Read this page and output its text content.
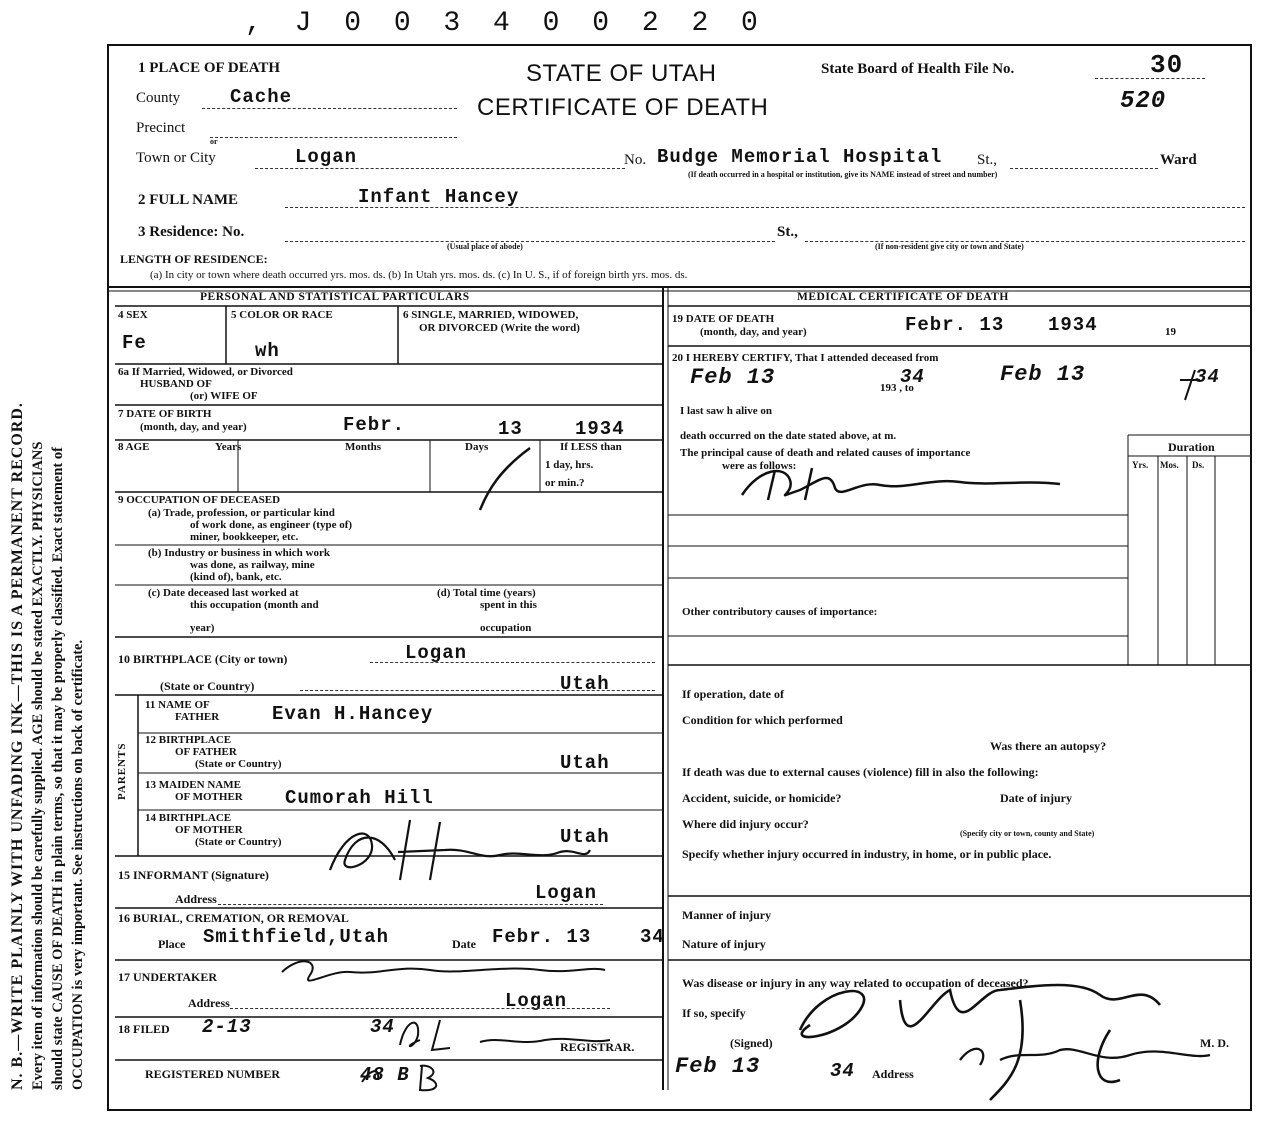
, J 0 0 3 4 0 0 2 2 0
N. B.—WRITE PLAINLY WITH UNFADING INK—THIS IS A PERMANENT RECORD. Every item of information should be carefully supplied. AGE should be stated EXACTLY. PHYSICIANS should state CAUSE OF DEATH in plain terms, so that it may be properly classified. Exact statement of OCCUPATION is very important. See instructions on back of certificate.
STATE OF UTAH
CERTIFICATE OF DEATH
State Board of Health File No.	30
520
1 PLACE OF DEATH
County	Cache
Precinct
or
Town or City	Logan	No. Budge Memorial Hospital St.,	Ward
(If death occurred in a hospital or institution, give its NAME instead of street and number)
2 FULL NAME	Infant Hancey
3 Residence: No.	St.,
(Usual place of abode)	(If non-resident give city or town and State)
LENGTH OF RESIDENCE:
(a) In city or town where death occurred yrs. mos. ds. (b) In Utah yrs. mos. ds. (c) In U. S., if of foreign birth yrs. mos. ds.
PERSONAL AND STATISTICAL PARTICULARS
4 SEX
Fe
5 COLOR OR RACE
wh
6 SINGLE, MARRIED, WIDOWED,
OR DIVORCED (Write the word)
6a If Married, Widowed, or Divorced
HUSBAND OF
(or) WIFE OF
7 DATE OF BIRTH
(month, day, and year)	Febr.	13	1934
8 AGE	Years	Months	Days	If LESS than
1 day, hrs.
or min.?
9 OCCUPATION OF DECEASED
(a) Trade, profession, or particular kind
of work done, as engineer (type of)
miner, bookkeeper, etc.
(b) Industry or business in which work
was done, as railway, mine
(kind of), bank, etc.
(c) Date deceased last worked at
this occupation (month and
year)
(d) Total time (years)
spent in this
occupation
10 BIRTHPLACE (City or town)	Logan
(State or Country)	Utah
PARENTS
11 NAME OF
FATHER	Evan H.Hancey
12 BIRTHPLACE
OF FATHER
(State or Country)	Utah
13 MAIDEN NAME
OF MOTHER Cumorah Hill
14 BIRTHPLACE
OF MOTHER
(State or Country)	Utah
15 INFORMANT (Signature)
Address	Logan
16 BURIAL, CREMATION, OR REMOVAL
Place Smithfield,Utah	Date Febr. 13	34
17 UNDERTAKER
Address	Logan
18 FILED 2-13	34
REGISTRAR.
REGISTERED NUMBER	48 B
MEDICAL CERTIFICATE OF DEATH
19 DATE OF DEATH
(month, day, and year)	Febr. 13 1934	19
20 I HEREBY CERTIFY, That I attended deceased from
Feb 13	34
193 , to
Feb 13	34
I last saw h alive on
death occurred on the date stated above, at m.
The principal cause of death and related causes of importance
were as follows:
Duration
Yrs. Mos. Ds.
Other contributory causes of importance:
If operation, date of
Condition for which performed
Was there an autopsy?
If death was due to external causes (violence) fill in also the following:
Accident, suicide, or homicide?	Date of injury
Where did injury occur?
(Specify city or town, county and State)
Specify whether injury occurred in industry, in home, or in public place.
Manner of injury
Nature of injury
Was disease or injury in any way related to occupation of deceased?
If so, specify
(Signed)	M. D.
Feb 13	34 Address
